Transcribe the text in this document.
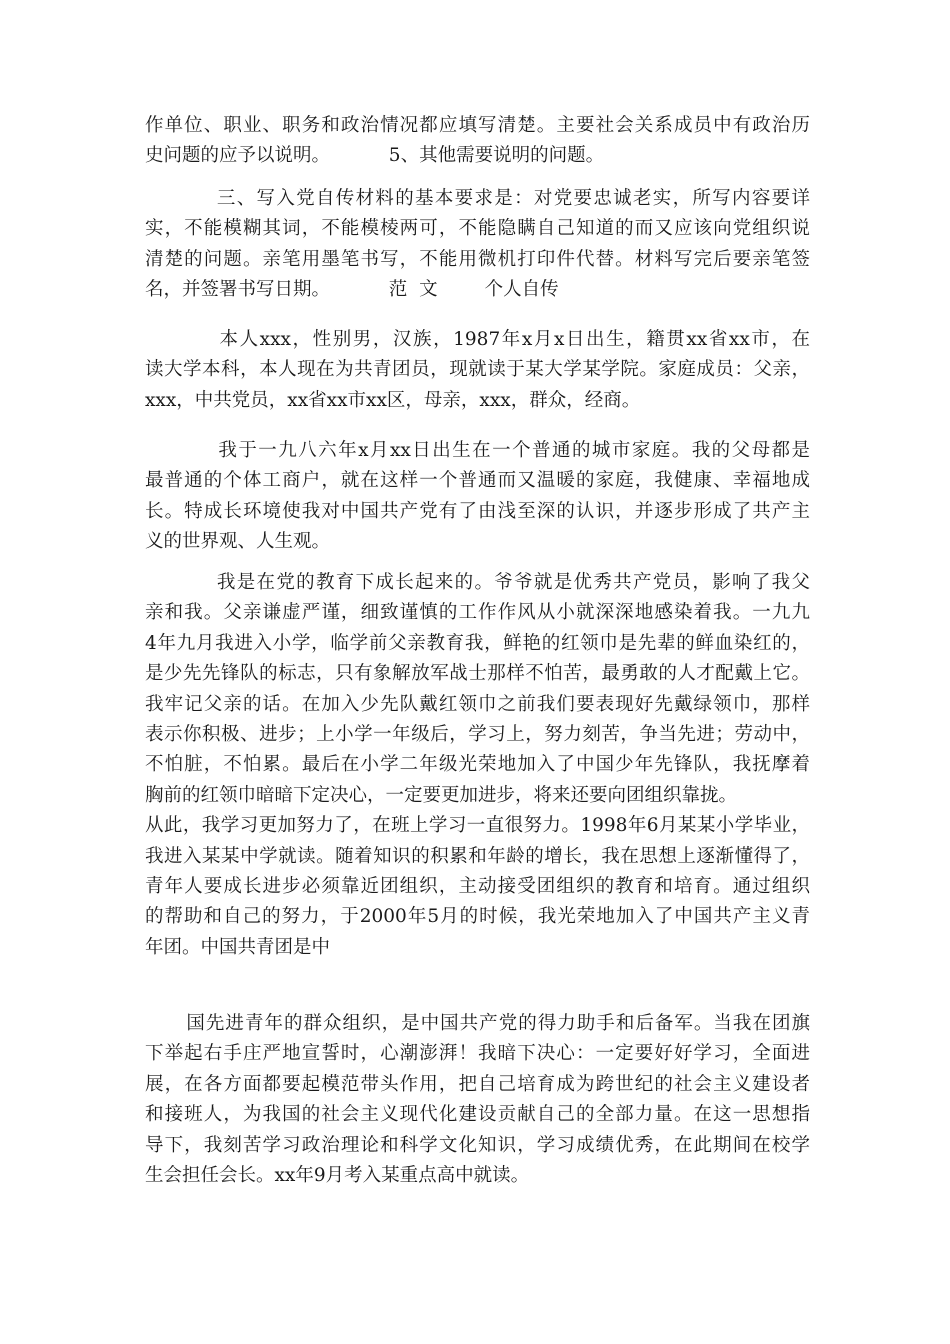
作单位、职业、职务和政治情况都应填写清楚。主要社会关系成员中有政治历
史问题的应予以说明。          5、其他需要说明的问题。
三、写入党自传材料的基本要求是：对党要忠诚老实，所写内容要详
实，不能模糊其词，不能模棱两可，不能隐瞒自己知道的而又应该向党组织说
清楚的问题。亲笔用墨笔书写，不能用微机打印件代替。材料写完后要亲笔签
名，并签署书写日期。          范  文        个人自传
本人xxx，性别男，汉族，1987年x月x日出生，籍贯xx省xx市，在
读大学本科，本人现在为共青团员，现就读于某大学某学院。家庭成员：父亲，
xxx，中共党员，xx省xx市xx区，母亲，xxx，群众，经商。
我于一九八六年x月xx日出生在一个普通的城市家庭。我的父母都是
最普通的个体工商户，就在这样一个普通而又温暖的家庭，我健康、幸福地成
长。特成长环境使我对中国共产党有了由浅至深的认识，并逐步形成了共产主
义的世界观、人生观。
我是在党的教育下成长起来的。爷爷就是优秀共产党员，影响了我父
亲和我。父亲谦虚严谨，细致谨慎的工作作风从小就深深地感染着我。一九九
4年九月我进入小学，临学前父亲教育我，鲜艳的红领巾是先辈的鲜血染红的，
是少先先锋队的标志，只有象解放军战士那样不怕苦，最勇敢的人才配戴上它。
我牢记父亲的话。在加入少先队戴红领巾之前我们要表现好先戴绿领巾，那样
表示你积极、进步；上小学一年级后，学习上，努力刻苦，争当先进；劳动中，
不怕脏，不怕累。最后在小学二年级光荣地加入了中国少年先锋队，我抚摩着
胸前的红领巾暗暗下定决心，一定要更加进步，将来还要向团组织靠拢。
从此，我学习更加努力了，在班上学习一直很努力。1998年6月某某小学毕业，
我进入某某中学就读。随着知识的积累和年龄的增长，我在思想上逐渐懂得了，
青年人要成长进步必须靠近团组织，主动接受团组织的教育和培育。通过组织
的帮助和自己的努力，于2000年5月的时候，我光荣地加入了中国共产主义青
年团。中国共青团是中
国先进青年的群众组织，是中国共产党的得力助手和后备军。当我在团旗
下举起右手庄严地宣誓时，心潮澎湃！我暗下决心：一定要好好学习，全面进
展，在各方面都要起模范带头作用，把自己培育成为跨世纪的社会主义建设者
和接班人，为我国的社会主义现代化建设贡献自己的全部力量。在这一思想指
导下，我刻苦学习政治理论和科学文化知识，学习成绩优秀，在此期间在校学
生会担任会长。xx年9月考入某重点高中就读。
